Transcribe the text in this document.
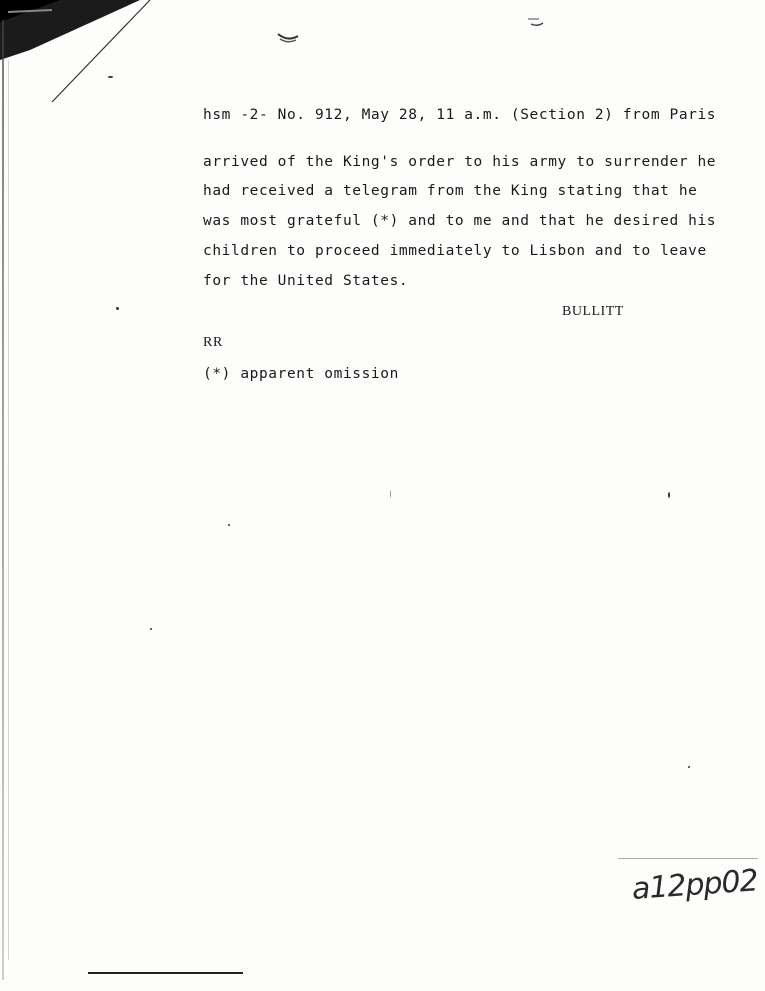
hsm -2- No. 912, May 28, 11 a.m. (Section 2) from Paris
arrived of the King's order to his army to surrender he
had received a telegram from the King stating that he
was most grateful (*) and to me and that he desired his
children to proceed immediately to Lisbon and to leave
for the United States.
BULLITT
RR
(*) apparent omission
a12pp02
